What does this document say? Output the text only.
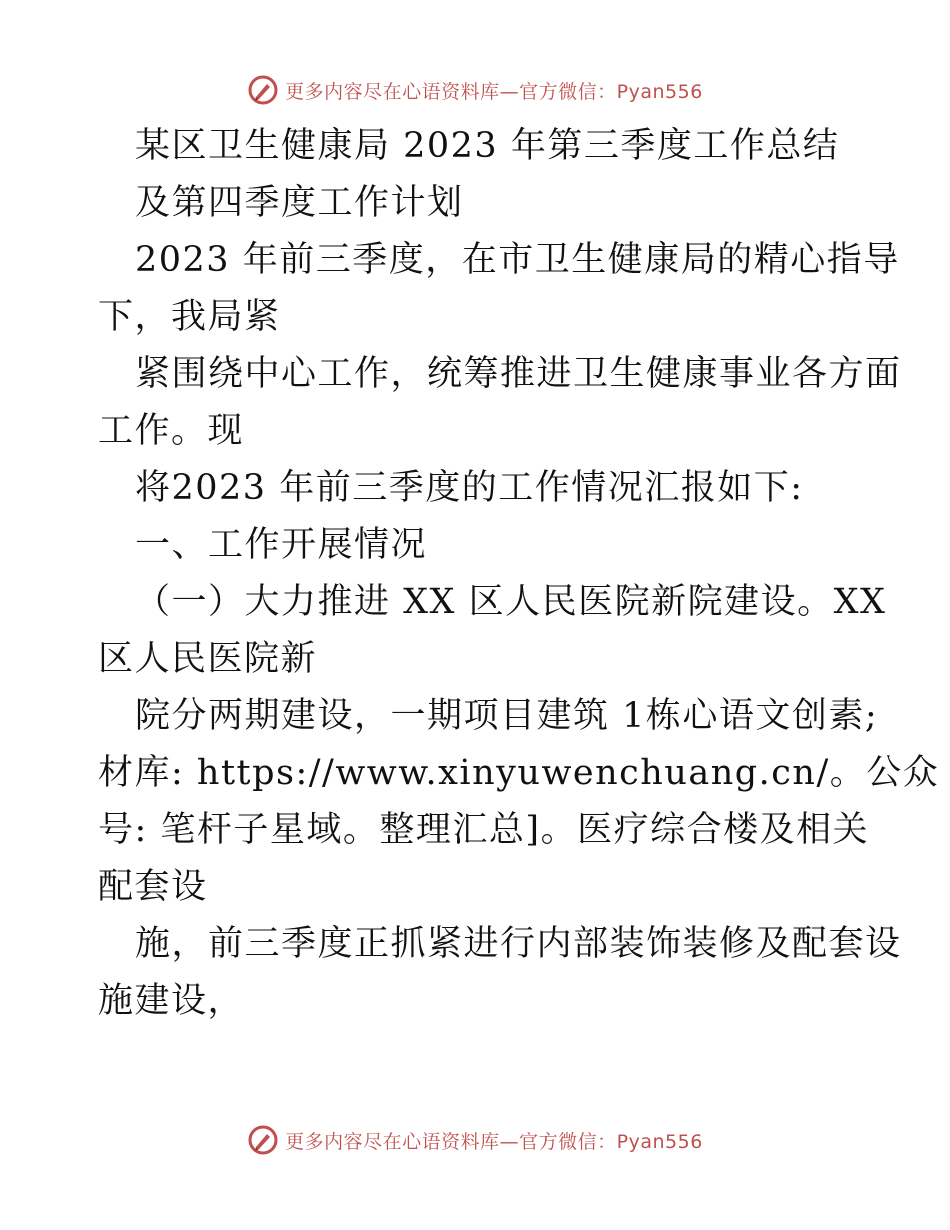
更多内容尽在心语资料库—官方微信：Pyan556
某区卫生健康局 2023 年第三季度工作总结
及第四季度工作计划
2023 年前三季度，在市卫生健康局的精心指导
下，我局紧
紧围绕中心工作，统筹推进卫生健康事业各方面
工作。现
将2023 年前三季度的工作情况汇报如下:
一、工作开展情况
（一）大力推进 XX 区人民医院新院建设。XX
区人民医院新
院分两期建设，一期项目建筑 1栋心语文创素;
材库: https://www.xinyuwenchuang.cn/。公众
号: 笔杆子星域。整理汇总]。医疗综合楼及相关
配套设
施，前三季度正抓紧进行内部装饰装修及配套设
施建设，
更多内容尽在心语资料库—官方微信：Pyan556
